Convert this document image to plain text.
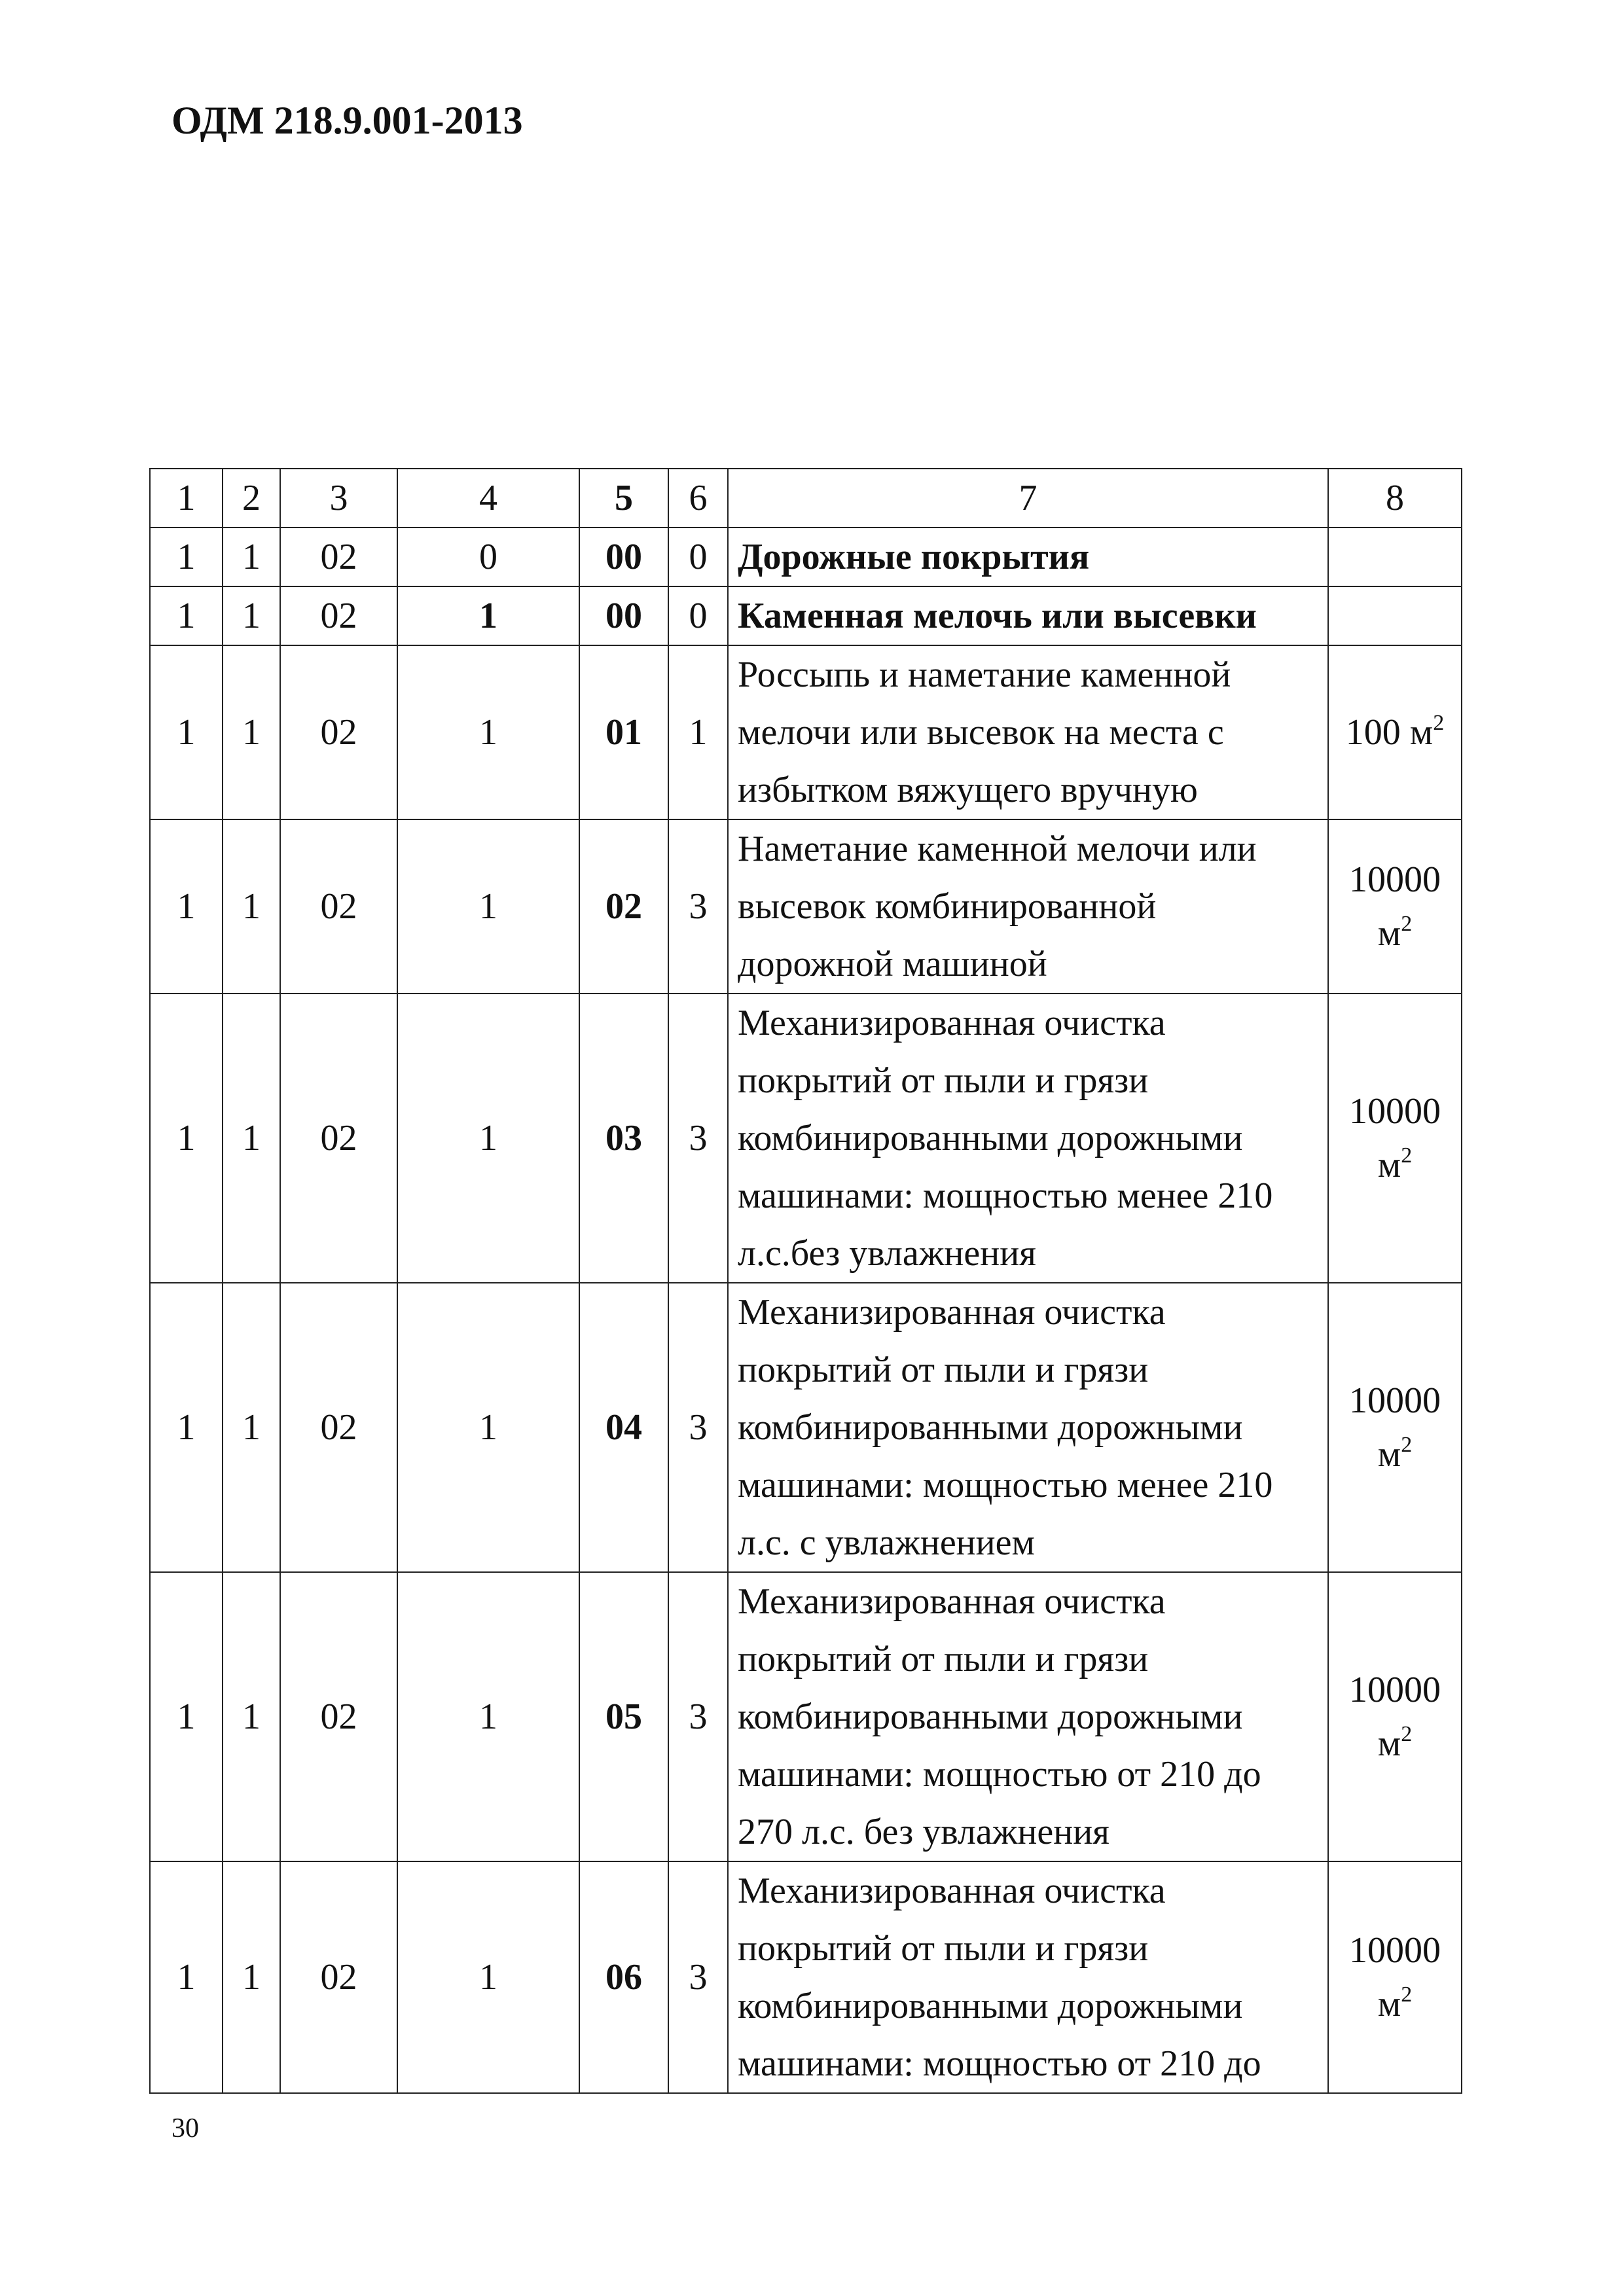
ОДМ 218.9.001-2013
1	2	3	4	5	6	7	8
1	1	02	0	00	0	Дорожные покрытия	
1	1	02	1	00	0	Каменная мелочь или высевки	
1	1	02	1	01	1	Россыпь и наметание каменной мелочи или высевок на места с избытком вяжущего вручную	100 $м^2$
1	1	02	1	02	3	Наметание каменной мелочи или высевок комбинированной дорожной машиной	10000 $м^2$
1	1	02	1	03	3	Механизированная очистка покрытий от пыли и грязи комбинированными дорожными машинами: мощностью менее 210 л.с.без увлажнения	10000 $м^2$
1	1	02	1	04	3	Механизированная очистка покрытий от пыли и грязи комбинированными дорожными машинами: мощностью менее 210 л.с. с увлажнением	10000 $м^2$
1	1	02	1	05	3	Механизированная очистка покрытий от пыли и грязи комбинированными дорожными машинами: мощностью от 210 до 270 л.с. без увлажнения	10000 $м^2$
1	1	02	1	06	3	Механизированная очистка покрытий от пыли и грязи комбинированными дорожными машинами: мощностью от 210 до	10000 $м^2$
30
